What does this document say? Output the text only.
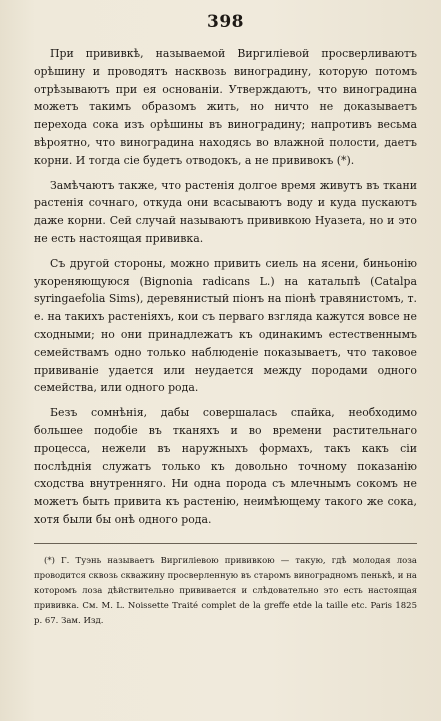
398

При прививкѣ, называемой Виргилiевой просверливаютъ орѣшину и проводятъ насквозь виноградину, которую потомъ отрѣзываютъ при ея основанiи. Утверждаютъ, что виноградина можетъ такимъ образомъ жить, но ничто не доказываетъ перехода сока изъ орѣшины въ виноградину; напротивъ весьма вѣроятно, что виноградина находясь во влажной полости, даетъ корни. И тогда сiе будетъ отводокъ, а не прививокъ (*).

Замѣчаютъ также, что растенiя долгое время живутъ въ ткани растенiя сочнаго, откуда они всасываютъ воду и куда пускаютъ даже корни. Сей случай называютъ прививкою Нуазета, но и это не есть настоящая прививка.

Съ другой стороны, можно привить сиель на ясени, биньонiю укореняющуюся (Bignonia radicans L.) на катальпѣ (Catalpa syringaefolia Sims), деревянистый пiонъ на пiонѣ травянистомъ, т. е. на такихъ растенiяхъ, кои съ перваго взгляда кажутся вовсе не сходными; но они принадлежатъ къ одинакимъ естественнымъ семействамъ одно только наблюденiе показываетъ, что таковое прививанiе удается или неудается между породами одного семейства, или одного рода.

Безъ сомнѣнiя, дабы совершалась спайка, необходимо большее подобiе въ тканяхъ и во времени растительнаго процесса, нежели въ наружныхъ формахъ, такъ какъ сiи послѣднiя служатъ только къ довольно точному показанiю сходства внутренняго. Ни одна порода съ млечнымъ сокомъ не можетъ быть привита къ растенiю, неимѣющему такого же сока, хотя были бы онѣ одного рода.

(*) Г. Туэнь называетъ Виргилiевою прививкою — такую, гдѣ молодая лоза проводится сквозь скважину просверленную въ старомъ виноградномъ пенькѣ, и на которомъ лоза дѣйствительно прививается и слѣдовательно это есть настоящая прививка. См. M. L. Noissette Traité complet de la greffe etde la taille etc. Paris 1825 p. 67. Зам. Изд.
